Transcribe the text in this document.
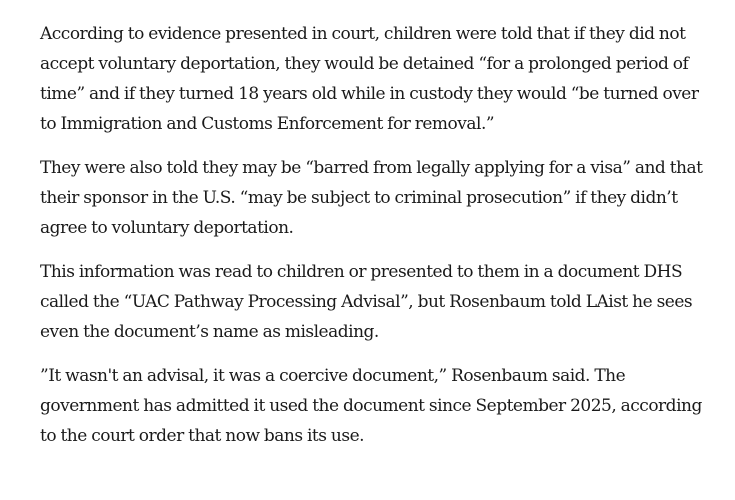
According to evidence presented in court, children were told that if they did not accept voluntary deportation, they would be detained “for a prolonged period of time” and if they turned 18 years old while in custody they would “be turned over to Immigration and Customs Enforcement for removal.”

They were also told they may be “barred from legally applying for a visa” and that their sponsor in the U.S. “may be subject to criminal prosecution” if they didn’t agree to voluntary deportation.

This information was read to children or presented to them in a document DHS called the “UAC Pathway Processing Advisal”, but Rosenbaum told LAist he sees even the document’s name as misleading.

”It wasn't an advisal, it was a coercive document,” Rosenbaum said. The government has admitted it used the document since September 2025, according to the court order that now bans its use.
